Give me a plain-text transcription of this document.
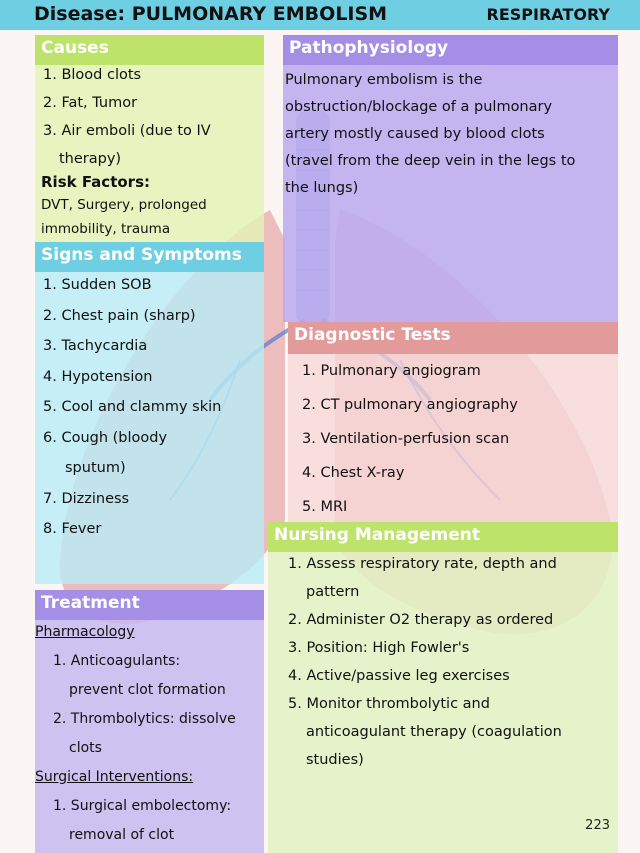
Disease: PULMONARY EMBOLISM	RESPIRATORY
Causes
1. Blood clots
2. Fat, Tumor
3. Air emboli (due to IV
therapy)
Risk Factors:
DVT, Surgery, prolonged
immobility, trauma
Pathophysiology
Pulmonary embolism is the
obstruction/blockage of a pulmonary
artery mostly caused by blood clots
(travel from the deep vein in the legs to
the lungs)
Signs and Symptoms
1. Sudden SOB
2. Chest pain (sharp)
3. Tachycardia
4. Hypotension
5. Cool and clammy skin
6. Cough (bloody
sputum)
7. Dizziness
8. Fever
Diagnostic Tests
1. Pulmonary angiogram
2. CT pulmonary angiography
3. Ventilation-perfusion scan
4. Chest X-ray
5. MRI
Nursing Management
1. Assess respiratory rate, depth and
pattern
2. Administer O2 therapy as ordered
3. Position: High Fowler's
4. Active/passive leg exercises
5. Monitor thrombolytic and
anticoagulant therapy (coagulation
studies)
Treatment
Pharmacology
1. Anticoagulants:
prevent clot formation
2. Thrombolytics: dissolve
clots
Surgical Interventions:
1. Surgical embolectomy:
removal of clot
223
